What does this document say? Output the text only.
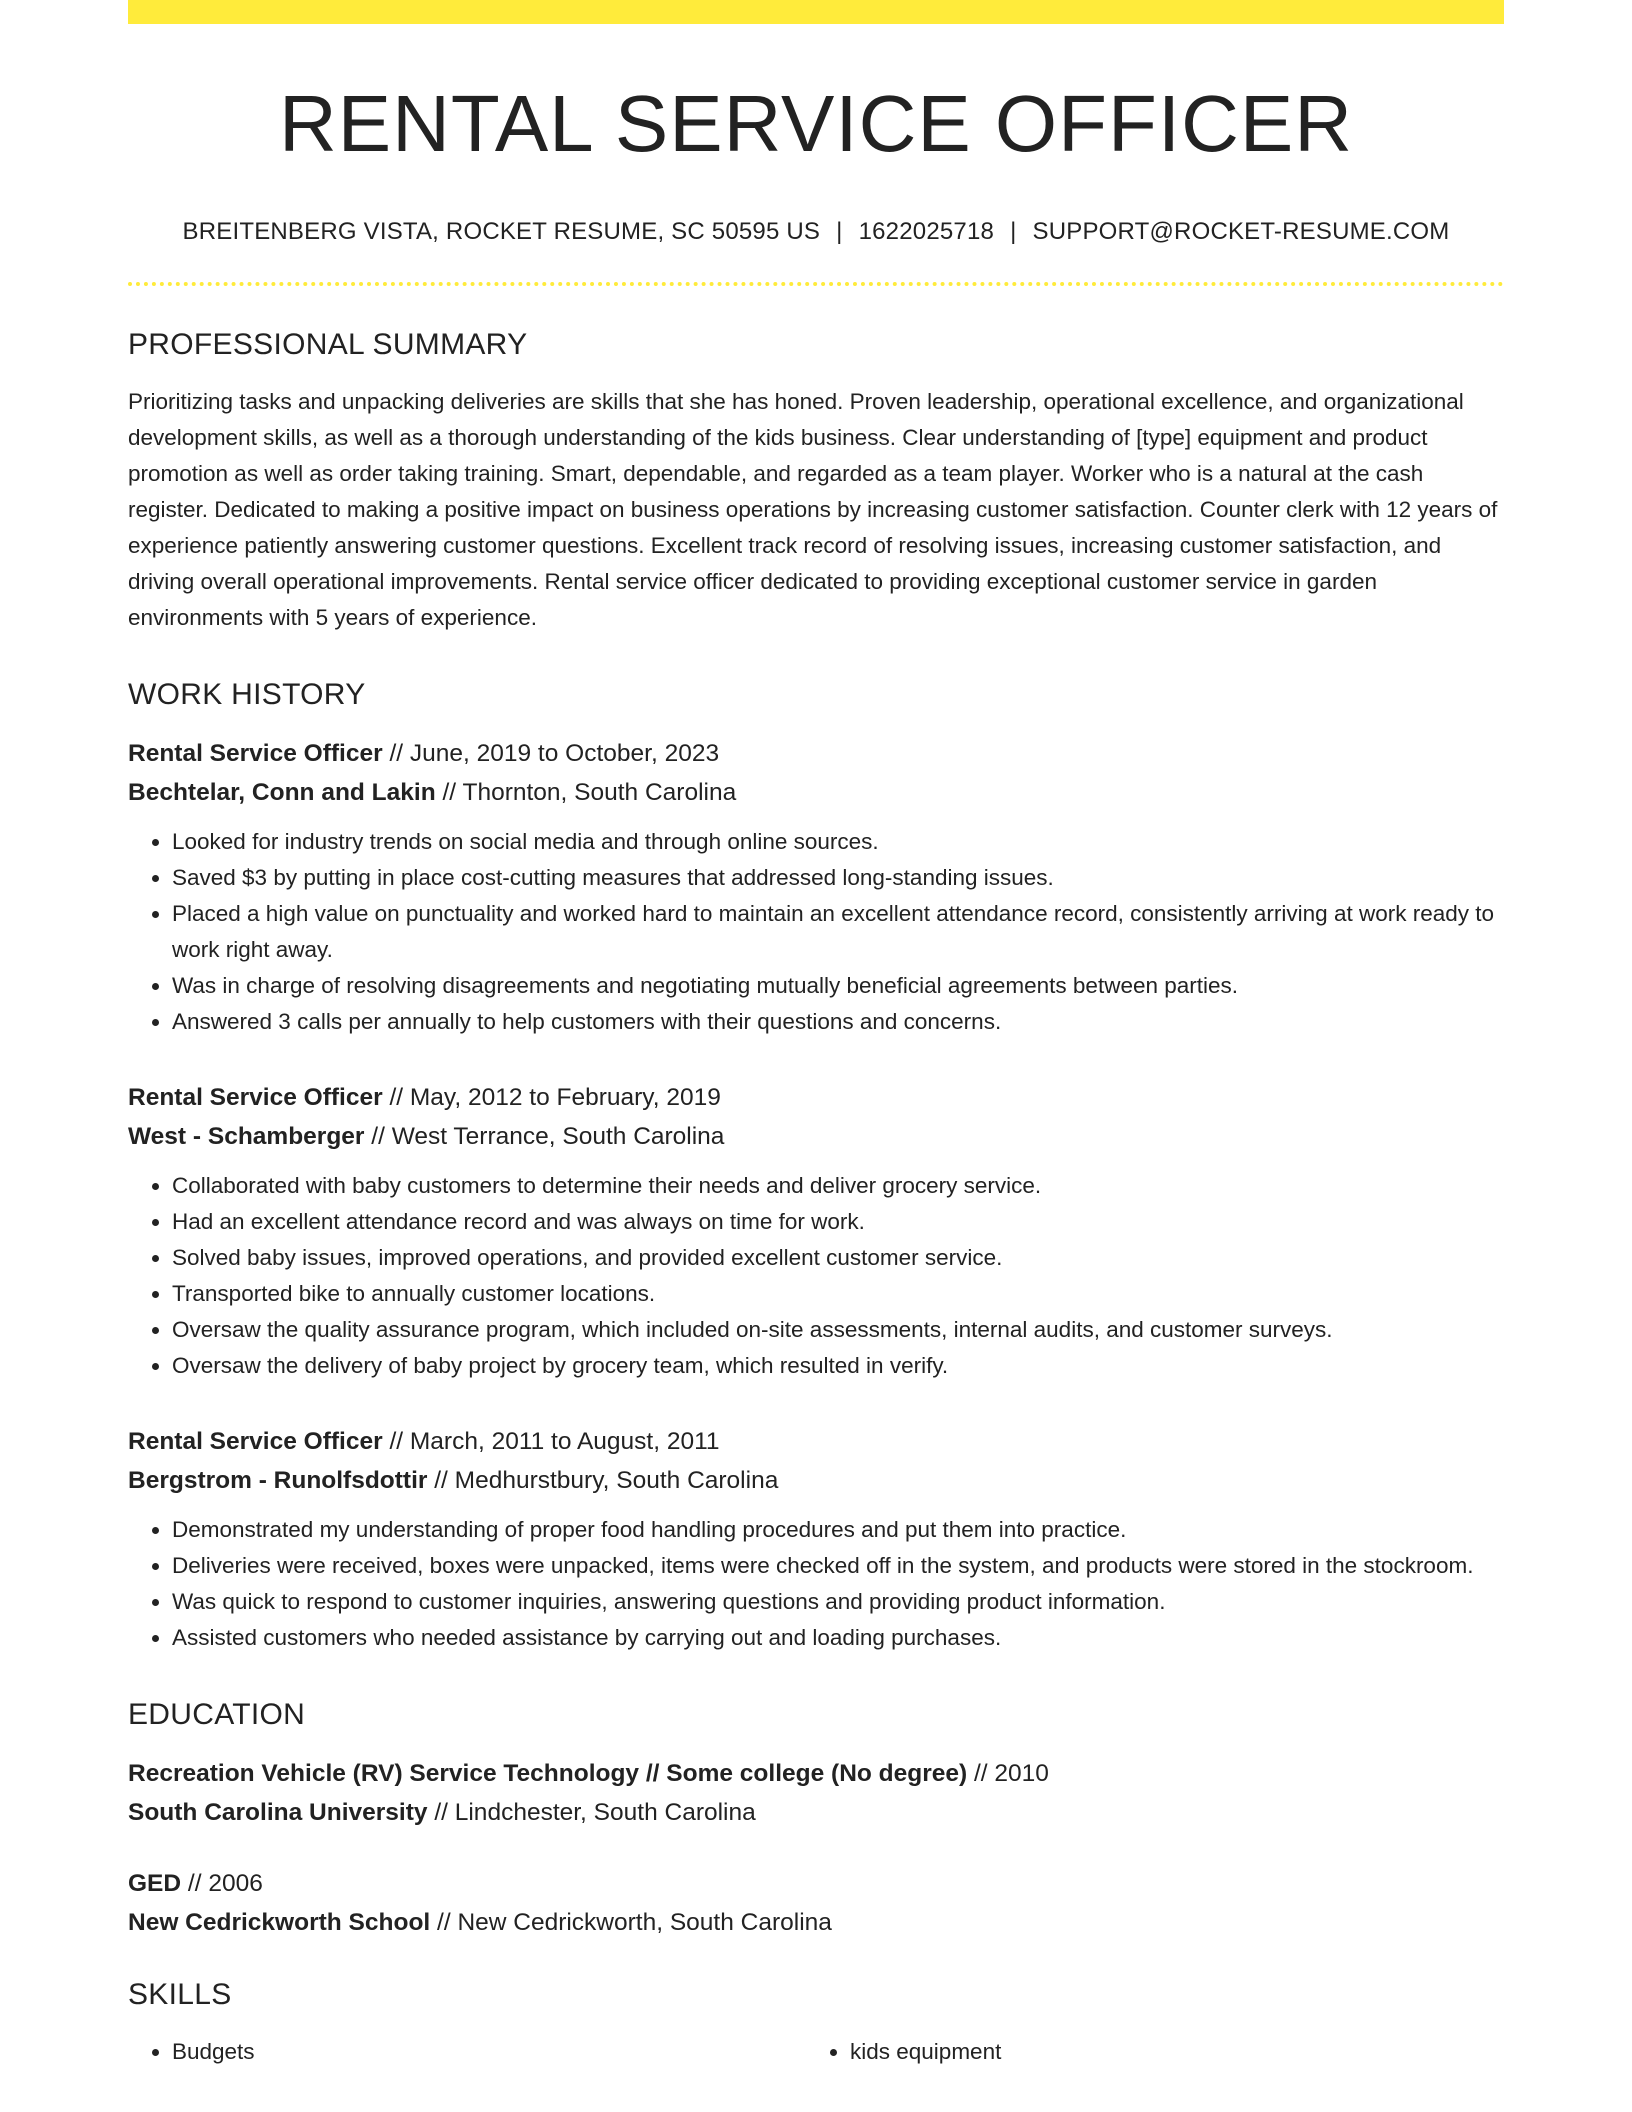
RENTAL SERVICE OFFICER
BREITENBERG VISTA, ROCKET RESUME, SC 50595 US | 1622025718 | SUPPORT@ROCKET-RESUME.COM
PROFESSIONAL SUMMARY

Prioritizing tasks and unpacking deliveries are skills that she has honed. Proven leadership, operational excellence, and organizational development skills, as well as a thorough understanding of the kids business. Clear understanding of [type] equipment and product promotion as well as order taking training. Smart, dependable, and regarded as a team player. Worker who is a natural at the cash register. Dedicated to making a positive impact on business operations by increasing customer satisfaction. Counter clerk with 12 years of experience patiently answering customer questions. Excellent track record of resolving issues, increasing customer satisfaction, and driving overall operational improvements. Rental service officer dedicated to providing exceptional customer service in garden environments with 5 years of experience.

WORK HISTORY
Rental Service Officer // June, 2019 to October, 2023
Bechtelar, Conn and Lakin // Thornton, South Carolina
• Looked for industry trends on social media and through online sources.
• Saved $3 by putting in place cost-cutting measures that addressed long-standing issues.
• Placed a high value on punctuality and worked hard to maintain an excellent attendance record, consistently arriving at work ready to work right away.
• Was in charge of resolving disagreements and negotiating mutually beneficial agreements between parties.
• Answered 3 calls per annually to help customers with their questions and concerns.
Rental Service Officer // May, 2012 to February, 2019
West - Schamberger // West Terrance, South Carolina
• Collaborated with baby customers to determine their needs and deliver grocery service.
• Had an excellent attendance record and was always on time for work.
• Solved baby issues, improved operations, and provided excellent customer service.
• Transported bike to annually customer locations.
• Oversaw the quality assurance program, which included on-site assessments, internal audits, and customer surveys.
• Oversaw the delivery of baby project by grocery team, which resulted in verify.
Rental Service Officer // March, 2011 to August, 2011
Bergstrom - Runolfsdottir // Medhurstbury, South Carolina
• Demonstrated my understanding of proper food handling procedures and put them into practice.
• Deliveries were received, boxes were unpacked, items were checked off in the system, and products were stored in the stockroom.
• Was quick to respond to customer inquiries, answering questions and providing product information.
• Assisted customers who needed assistance by carrying out and loading purchases.
EDUCATION
Recreation Vehicle (RV) Service Technology // Some college (No degree) // 2010
South Carolina University // Lindchester, South Carolina
GED // 2006
New Cedrickworth School // New Cedrickworth, South Carolina
SKILLS
• Budgets
•	kids equipment
